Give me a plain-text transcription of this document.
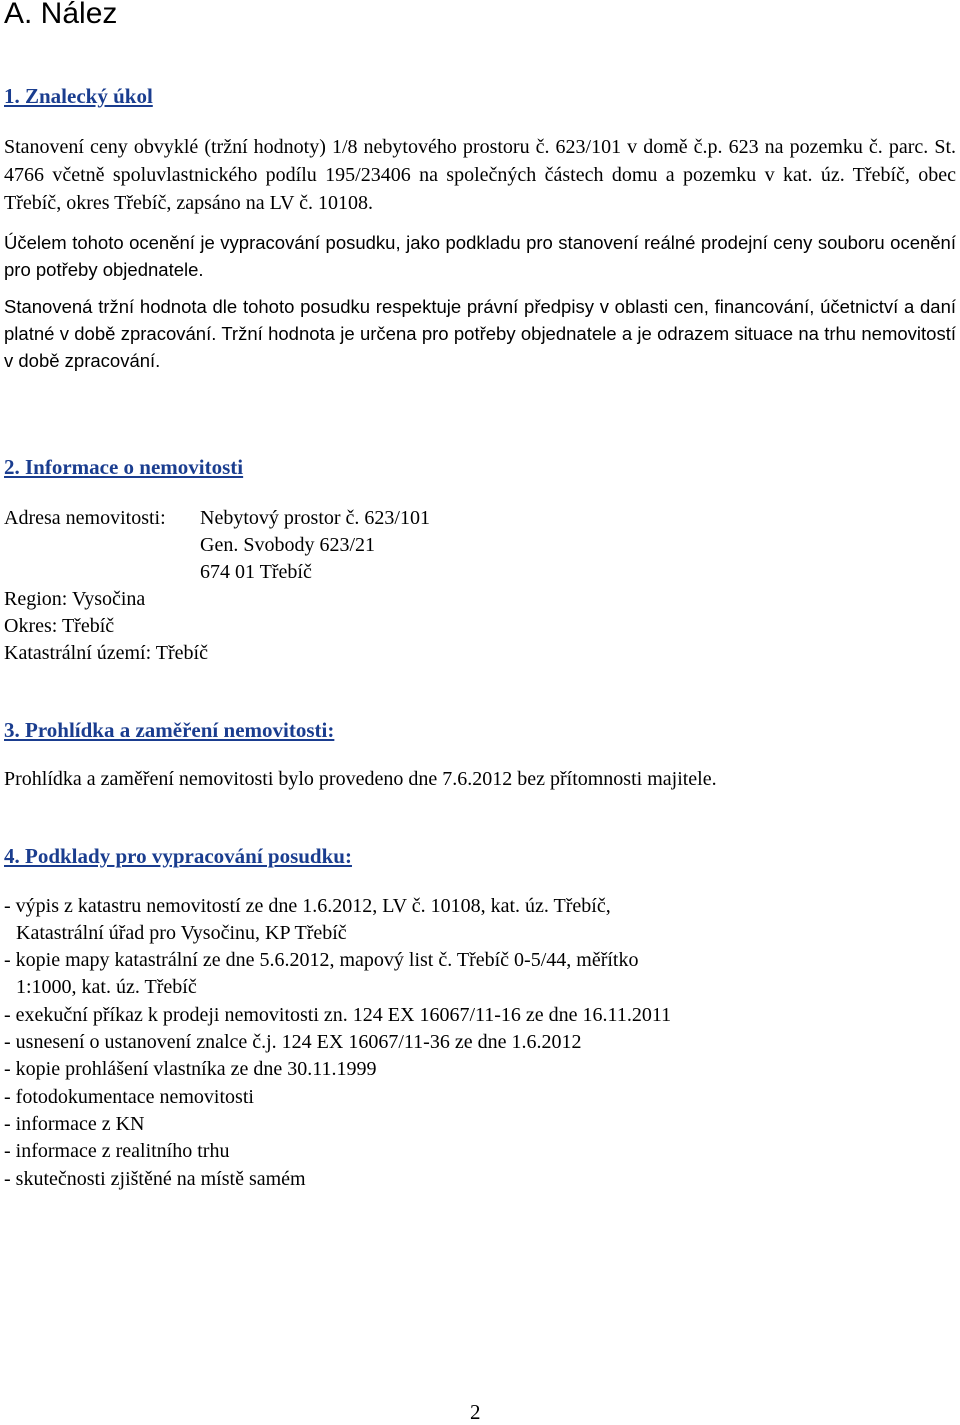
A. Nález
1. Znalecký úkol
Stanovení ceny obvyklé (tržní hodnoty) 1/8 nebytového prostoru č. 623/101 v domě č.p. 623 na pozemku č. parc. St. 4766 včetně spoluvlastnického podílu 195/23406 na společných částech domu a pozemku v kat. úz. Třebíč, obec Třebíč, okres Třebíč, zapsáno na LV č. 10108.
Účelem tohoto ocenění je vypracování posudku, jako podkladu pro stanovení reálné prodejní ceny souboru ocenění pro potřeby objednatele.
Stanovená tržní hodnota dle tohoto posudku respektuje právní předpisy v oblasti cen, financování, účetnictví a daní platné v době zpracování. Tržní hodnota je určena pro potřeby objednatele a je odrazem situace na trhu nemovitostí v době zpracování.
2. Informace o nemovitosti
Adresa nemovitosti: Nebytový prostor č. 623/101
Gen. Svobody 623/21
674 01 Třebíč
Region: Vysočina
Okres: Třebíč
Katastrální území: Třebíč
3. Prohlídka a zaměření nemovitosti:
Prohlídka a zaměření nemovitosti bylo provedeno dne 7.6.2012 bez přítomnosti majitele.
4. Podklady pro vypracování posudku:
- výpis z katastru nemovitostí ze dne 1.6.2012, LV č. 10108, kat. úz. Třebíč,
Katastrální úřad pro Vysočinu, KP Třebíč
- kopie mapy katastrální ze dne 5.6.2012, mapový list č. Třebíč 0-5/44, měřítko
1:1000, kat. úz. Třebíč
- exekuční příkaz k prodeji nemovitosti zn. 124 EX 16067/11-16 ze dne 16.11.2011
- usnesení o ustanovení znalce č.j. 124 EX 16067/11-36 ze dne 1.6.2012
- kopie prohlášení vlastníka ze dne 30.11.1999
- fotodokumentace nemovitosti
- informace z KN
- informace z realitního trhu
- skutečnosti zjištěné na místě samém
2
